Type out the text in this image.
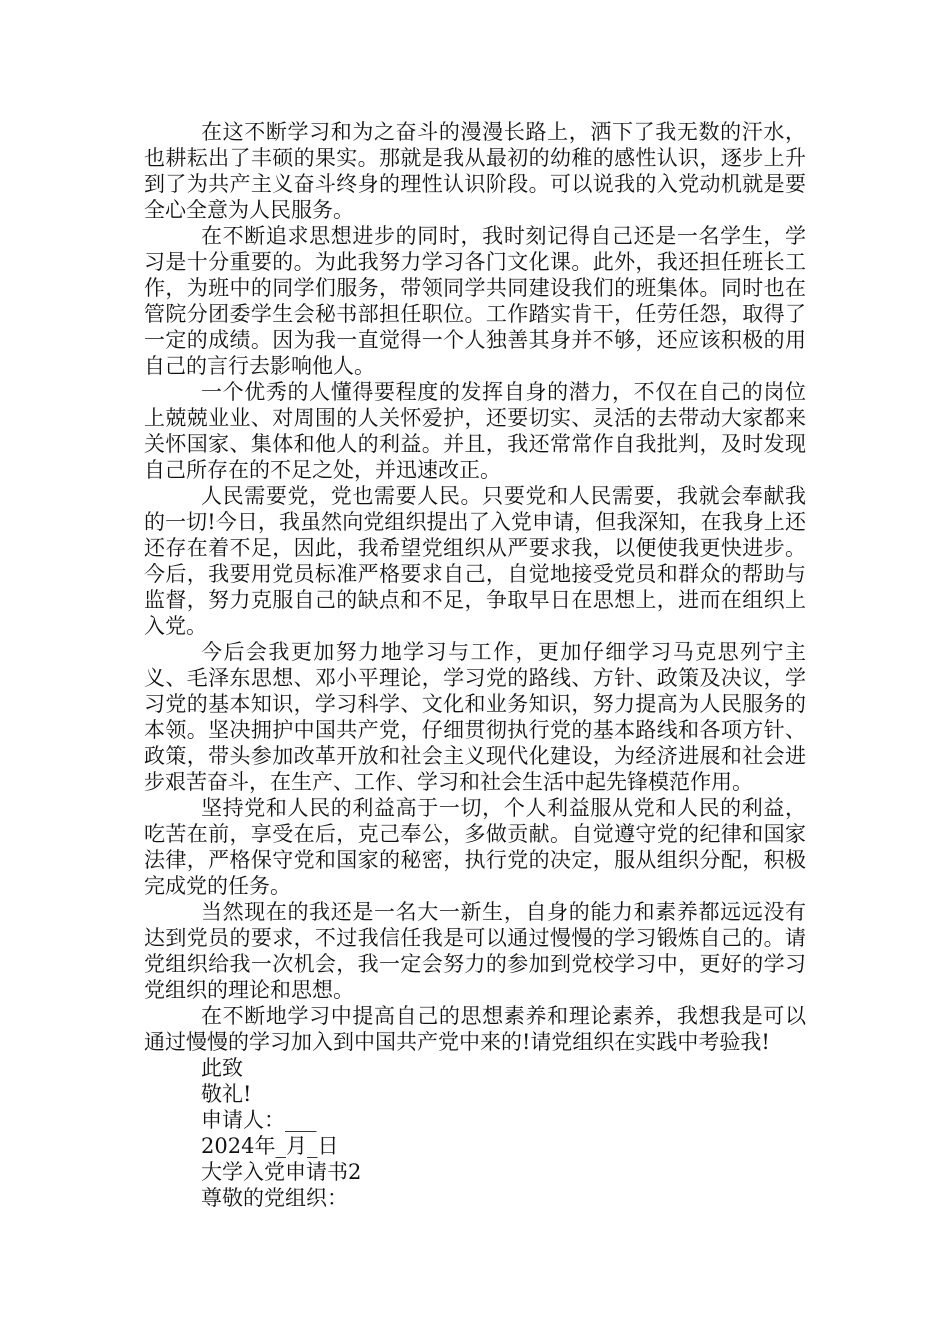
在这不断学习和为之奋斗的漫漫长路上，洒下了我无数的汗水，也耕耘出了丰硕的果实。那就是我从最初的幼稚的感性认识，逐步上升到了为共产主义奋斗终身的理性认识阶段。可以说我的入党动机就是要全心全意为人民服务。

在不断追求思想进步的同时，我时刻记得自己还是一名学生，学习是十分重要的。为此我努力学习各门文化课。此外，我还担任班长工作，为班中的同学们服务，带领同学共同建设我们的班集体。同时也在管院分团委学生会秘书部担任职位。工作踏实肯干，任劳任怨，取得了一定的成绩。因为我一直觉得一个人独善其身并不够，还应该积极的用自己的言行去影响他人。

一个优秀的人懂得要程度的发挥自身的潜力，不仅在自己的岗位上兢兢业业、对周围的人关怀爱护，还要切实、灵活的去带动大家都来关怀国家、集体和他人的利益。并且，我还常常作自我批判，及时发现自己所存在的不足之处，并迅速改正。

人民需要党，党也需要人民。只要党和人民需要，我就会奉献我的一切!今日，我虽然向党组织提出了入党申请，但我深知，在我身上还还存在着不足，因此，我希望党组织从严要求我，以便使我更快进步。今后，我要用党员标准严格要求自己，自觉地接受党员和群众的帮助与监督，努力克服自己的缺点和不足，争取早日在思想上，进而在组织上入党。

今后会我更加努力地学习与工作，更加仔细学习马克思列宁主义、毛泽东思想、邓小平理论，学习党的路线、方针、政策及决议，学习党的基本知识，学习科学、文化和业务知识，努力提高为人民服务的本领。坚决拥护中国共产党，仔细贯彻执行党的基本路线和各项方针、政策，带头参加改革开放和社会主义现代化建设，为经济进展和社会进步艰苦奋斗，在生产、工作、学习和社会生活中起先锋模范作用。

坚持党和人民的利益高于一切，个人利益服从党和人民的利益，吃苦在前，享受在后，克己奉公，多做贡献。自觉遵守党的纪律和国家法律，严格保守党和国家的秘密，执行党的决定，服从组织分配，积极完成党的任务。

当然现在的我还是一名大一新生，自身的能力和素养都远远没有达到党员的要求，不过我信任我是可以通过慢慢的学习锻炼自己的。请党组织给我一次机会，我一定会努力的参加到党校学习中，更好的学习党组织的理论和思想。

在不断地学习中提高自己的思想素养和理论素养，我想我是可以通过慢慢的学习加入到中国共产党中来的!请党组织在实践中考验我!

此致

敬礼!

申请人：___

2024年_月_日

大学入党申请书2

尊敬的党组织：
